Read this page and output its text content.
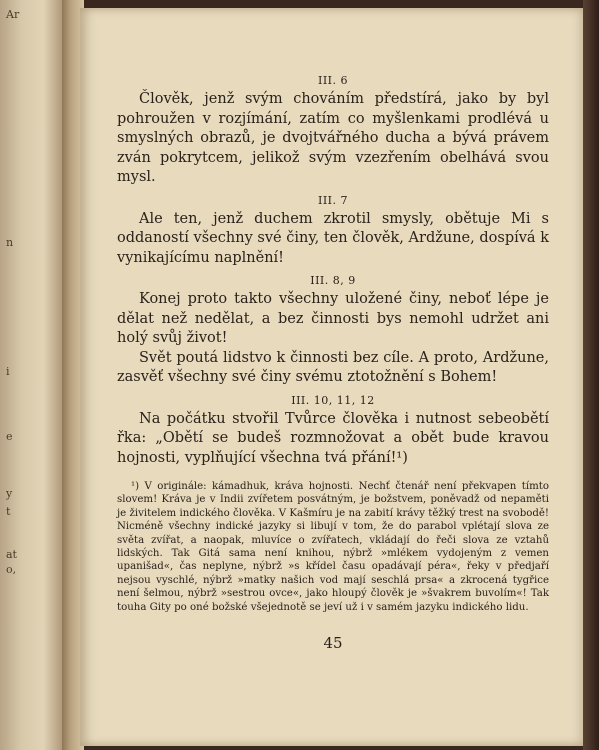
Ar
n
i
e
y
t
at
o,
III. 6

Člověk, jenž svým chováním předstírá, jako by byl pohroužen v rozjímání, zatím co myšlenkami prodlévá u smyslných obrazů, je dvojtvářného ducha a bývá právem zván pokrytcem, jelikož svým vzezřením obelhává svou mysl.

III. 7

Ale ten, jenž duchem zkrotil smysly, obětuje Mi s oddaností všechny své činy, ten člověk, Ardžune, dospívá k vynikajícímu naplnění!

III. 8, 9

Konej proto takto všechny uložené činy, neboť lépe je dělat než nedělat, a bez činnosti bys nemohl udržet ani holý svůj život!

Svět poutá lidstvo k činnosti bez cíle. A proto, Ardžune, zasvěť všechny své činy svému ztotožnění s Bohem!

III. 10, 11, 12

Na počátku stvořil Tvůrce člověka i nutnost sebeobětí řka: „Obětí se budeš rozmnožovat a obět bude kravou hojnosti, vyplňující všechna tvá přání!¹)

¹) V originále: kámadhuk, kráva hojnosti. Nechť čtenář není překvapen tímto slovem! Kráva je v Indii zvířetem posvátným, je božstvem, poněvadž od nepaměti je živitelem indického člověka. V Kašmíru je na zabití krávy těžký trest na svobodě! Nicméně všechny indické jazyky si libují v tom, že do parabol vplétají slova ze světa zvířat, a naopak, mluvíce o zvířatech, vkládají do řeči slova ze vztahů lidských. Tak Gitá sama není knihou, nýbrž »mlékem vydojeným z vemen upanišad«, čas neplyne, nýbrž »s křídel času opadávají péra«, řeky v předjaří nejsou vyschlé, nýbrž »matky našich vod mají seschlá prsa« a zkrocená tygřice není šelmou, nýbrž »sestrou ovce«, jako hloupý člověk je »švakrem buvolím«! Tak touha Gity po oné božské všejednotě se jeví už i v samém jazyku indického lidu.

45
